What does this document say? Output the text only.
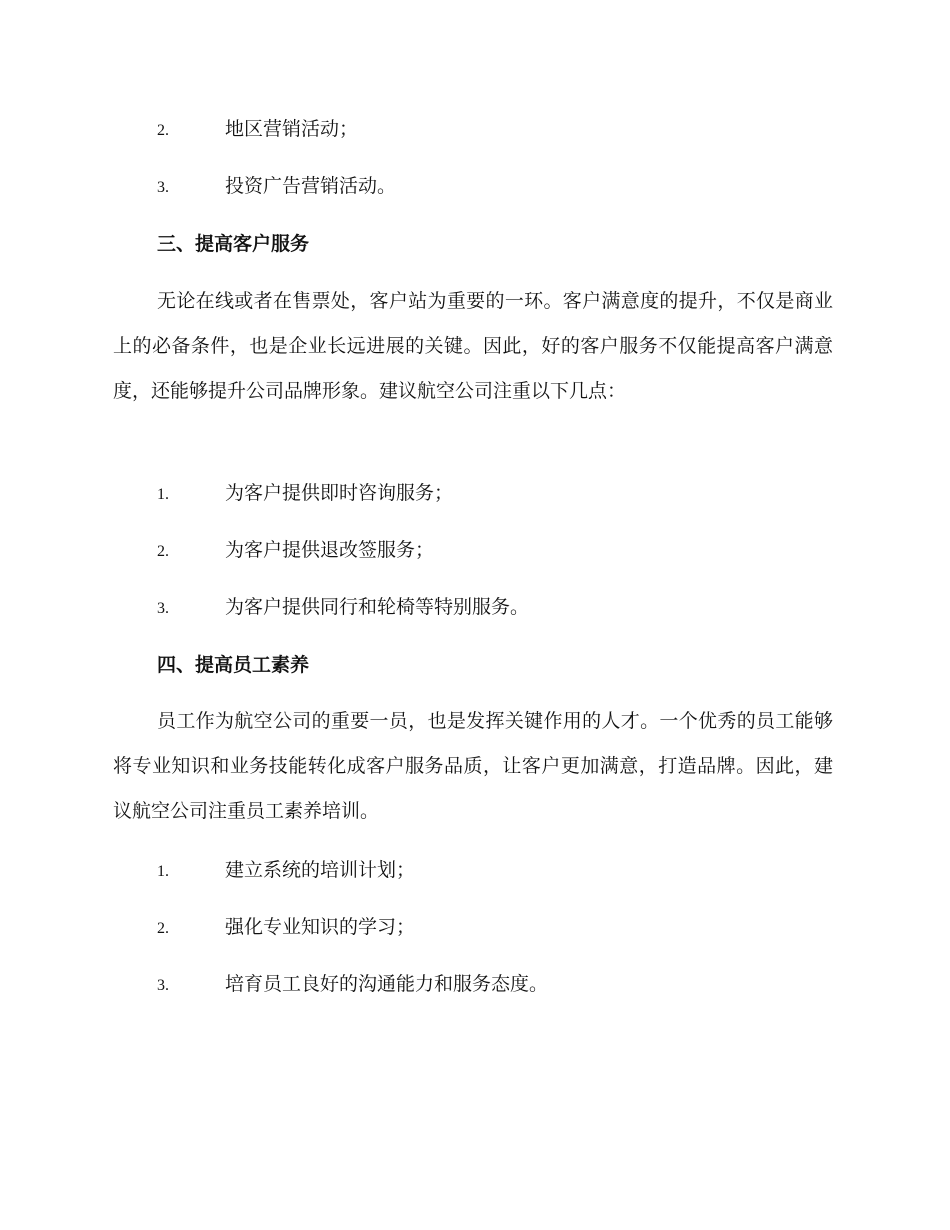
2.	地区营销活动；
3.	投资广告营销活动。
三、提高客户服务

无论在线或者在售票处，客户站为重要的一环。客户满意度的提升，不仅是商业上的必备条件，也是企业长远进展的关键。因此，好的客户服务不仅能提高客户满意度，还能够提升公司品牌形象。建议航空公司注重以下几点：

1.	为客户提供即时咨询服务；
2.	为客户提供退改签服务；
3.	为客户提供同行和轮椅等特别服务。
四、提高员工素养

员工作为航空公司的重要一员，也是发挥关键作用的人才。一个优秀的员工能够将专业知识和业务技能转化成客户服务品质，让客户更加满意，打造品牌。因此，建议航空公司注重员工素养培训。

1.	建立系统的培训计划；
2.	强化专业知识的学习；
3.	培育员工良好的沟通能力和服务态度。
